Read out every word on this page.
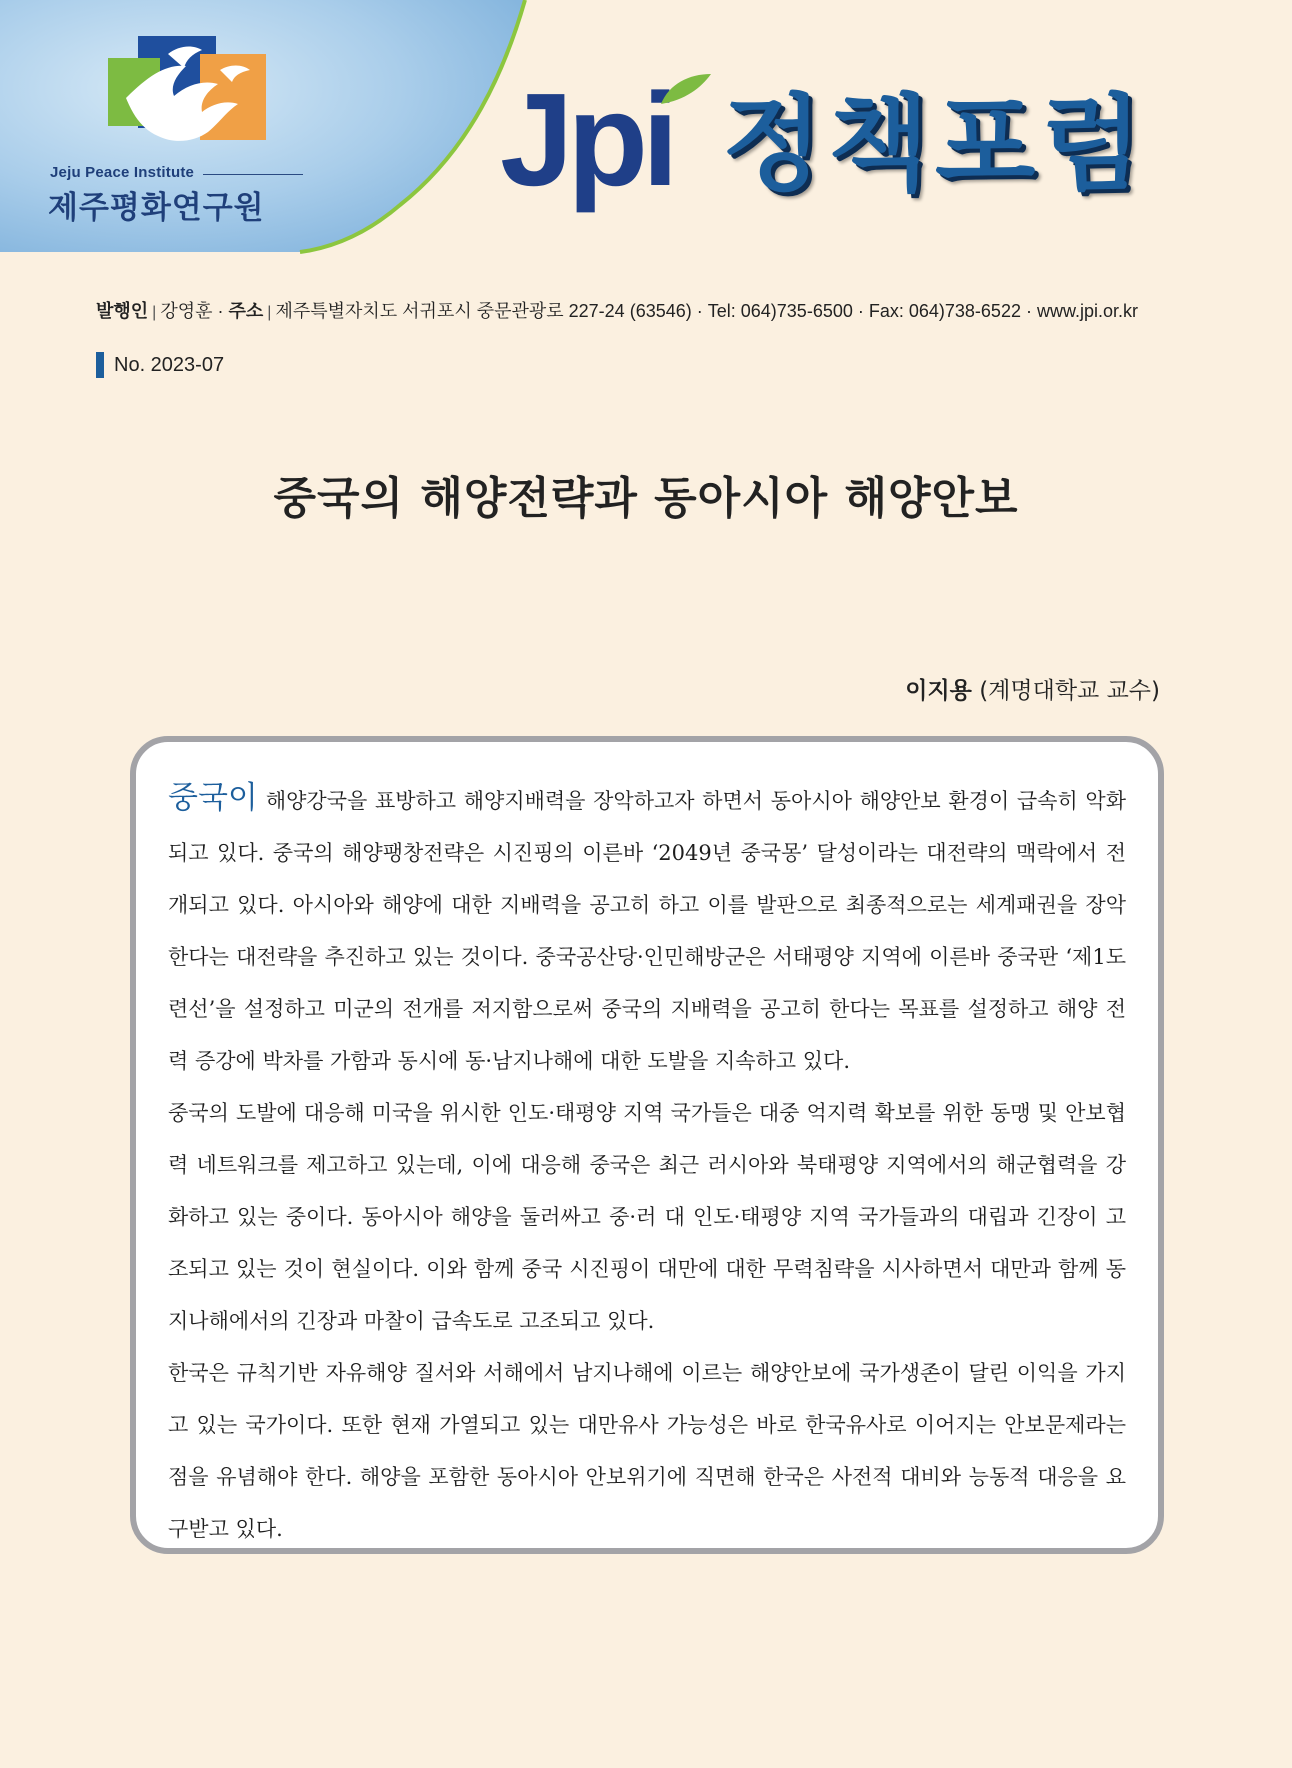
Jeju Peace Institute
제주평화연구원 Jpi 정책포럼
발행인 | 강영훈 · 주소 | 제주특별자치도 서귀포시 중문관광로 227-24 (63546) · Tel: 064)735-6500 · Fax: 064)738-6522 · www.jpi.or.kr
No. 2023-07
중국의 해양전략과 동아시아 해양안보
이지용 (계명대학교 교수)

중국이 해양강국을 표방하고 해양지배력을 장악하고자 하면서 동아시아 해양안보 환경이 급속히 악화되고 있다. 중국의 해양팽창전략은 시진핑의 이른바 ‘2049년 중국몽’ 달성이라는 대전략의 맥락에서 전개되고 있다. 아시아와 해양에 대한 지배력을 공고히 하고 이를 발판으로 최종적으로는 세계패권을 장악한다는 대전략을 추진하고 있는 것이다. 중국공산당·인민해방군은 서태평양 지역에 이른바 중국판 ‘제1도련선’을 설정하고 미군의 전개를 저지함으로써 중국의 지배력을 공고히 한다는 목표를 설정하고 해양 전력 증강에 박차를 가함과 동시에 동·남지나해에 대한 도발을 지속하고 있다.

중국의 도발에 대응해 미국을 위시한 인도·태평양 지역 국가들은 대중 억지력 확보를 위한 동맹 및 안보협력 네트워크를 제고하고 있는데, 이에 대응해 중국은 최근 러시아와 북태평양 지역에서의 해군협력을 강화하고 있는 중이다. 동아시아 해양을 둘러싸고 중·러 대 인도·태평양 지역 국가들과의 대립과 긴장이 고조되고 있는 것이 현실이다. 이와 함께 중국 시진핑이 대만에 대한 무력침략을 시사하면서 대만과 함께 동지나해에서의 긴장과 마찰이 급속도로 고조되고 있다.

한국은 규칙기반 자유해양 질서와 서해에서 남지나해에 이르는 해양안보에 국가생존이 달린 이익을 가지고 있는 국가이다. 또한 현재 가열되고 있는 대만유사 가능성은 바로 한국유사로 이어지는 안보문제라는 점을 유념해야 한다. 해양을 포함한 동아시아 안보위기에 직면해 한국은 사전적 대비와 능동적 대응을 요구받고 있다.
